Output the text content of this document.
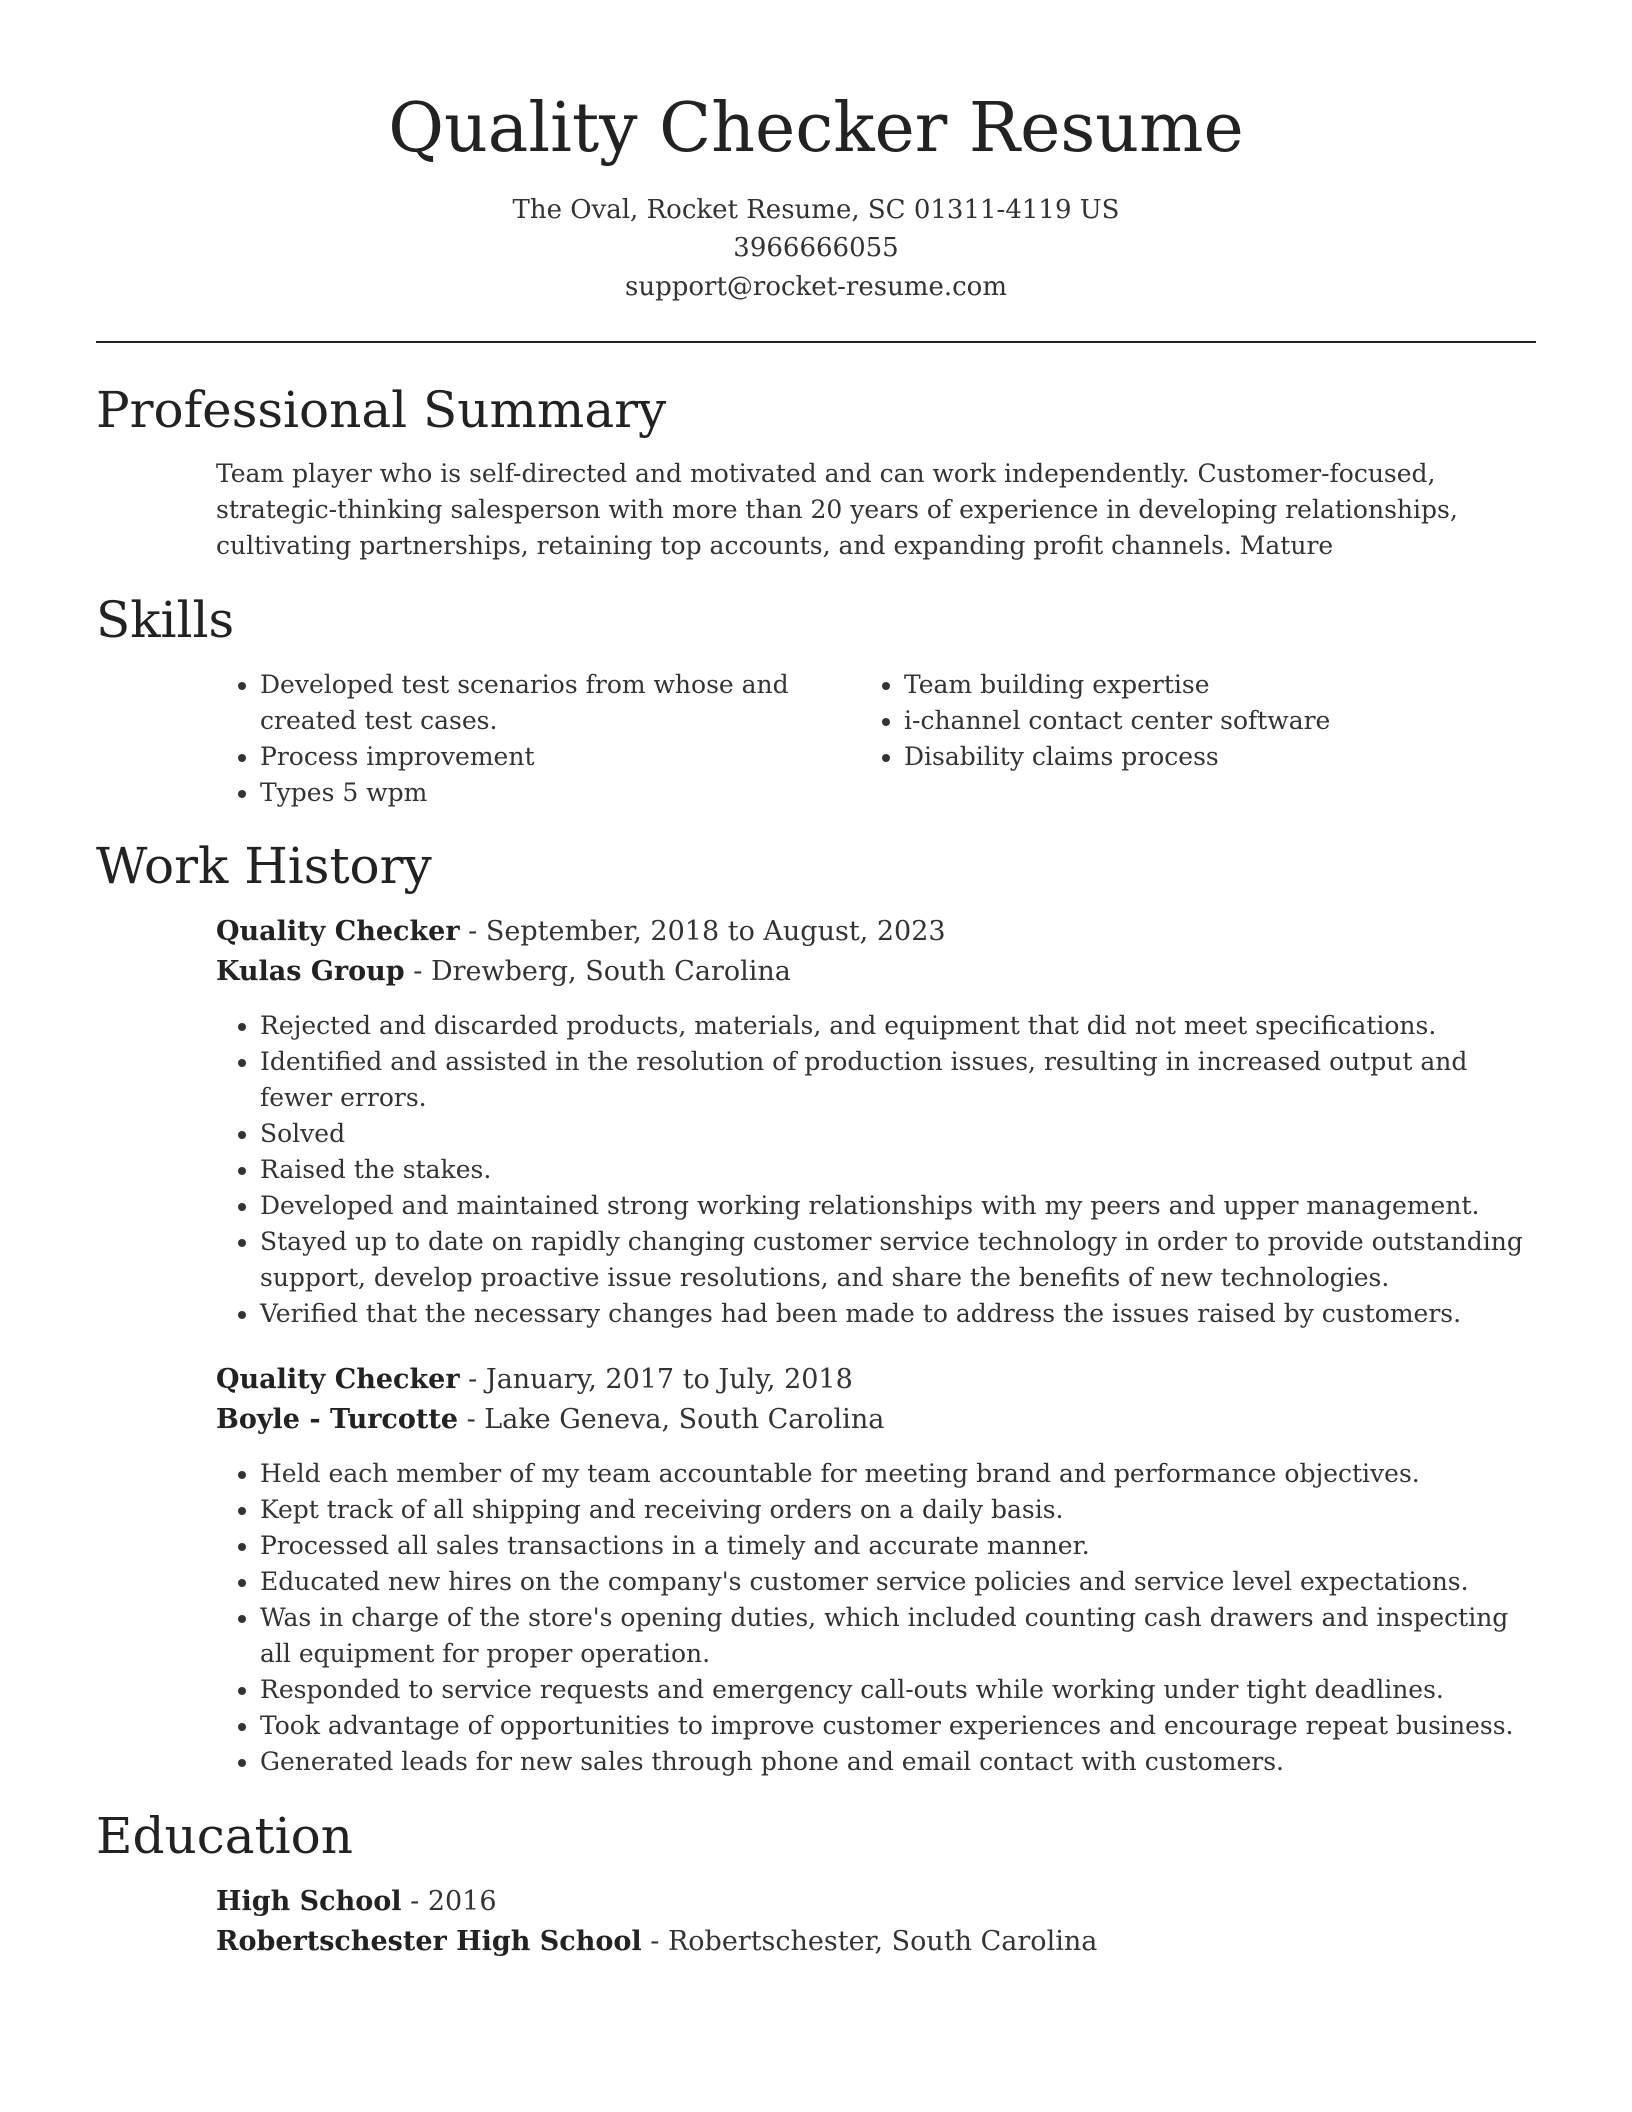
Quality Checker Resume
The Oval, Rocket Resume, SC 01311-4119 US
3966666055
support@rocket-resume.com
Professional Summary

Team player who is self-directed and motivated and can work independently. Customer-focused, strategic-thinking salesperson with more than 20 years of experience in developing relationships, cultivating partnerships, retaining top accounts, and expanding profit channels. Mature

Skills
• Developed test scenarios from whose and created test cases.
• Process improvement
• Types 5 wpm
• Team building expertise
• i-channel contact center software
• Disability claims process
Work History
Quality Checker - September, 2018 to August, 2023
Kulas Group - Drewberg, South Carolina
• Rejected and discarded products, materials, and equipment that did not meet specifications.
• Identified and assisted in the resolution of production issues, resulting in increased output and fewer errors.
• Solved
• Raised the stakes.
• Developed and maintained strong working relationships with my peers and upper management.
• Stayed up to date on rapidly changing customer service technology in order to provide outstanding support, develop proactive issue resolutions, and share the benefits of new technologies.
• Verified that the necessary changes had been made to address the issues raised by customers.
Quality Checker - January, 2017 to July, 2018
Boyle - Turcotte - Lake Geneva, South Carolina
• Held each member of my team accountable for meeting brand and performance objectives.
• Kept track of all shipping and receiving orders on a daily basis.
• Processed all sales transactions in a timely and accurate manner.
• Educated new hires on the company's customer service policies and service level expectations.
• Was in charge of the store's opening duties, which included counting cash drawers and inspecting all equipment for proper operation.
• Responded to service requests and emergency call-outs while working under tight deadlines.
• Took advantage of opportunities to improve customer experiences and encourage repeat business.
• Generated leads for new sales through phone and email contact with customers.
Education
High School - 2016
Robertschester High School - Robertschester, South Carolina
